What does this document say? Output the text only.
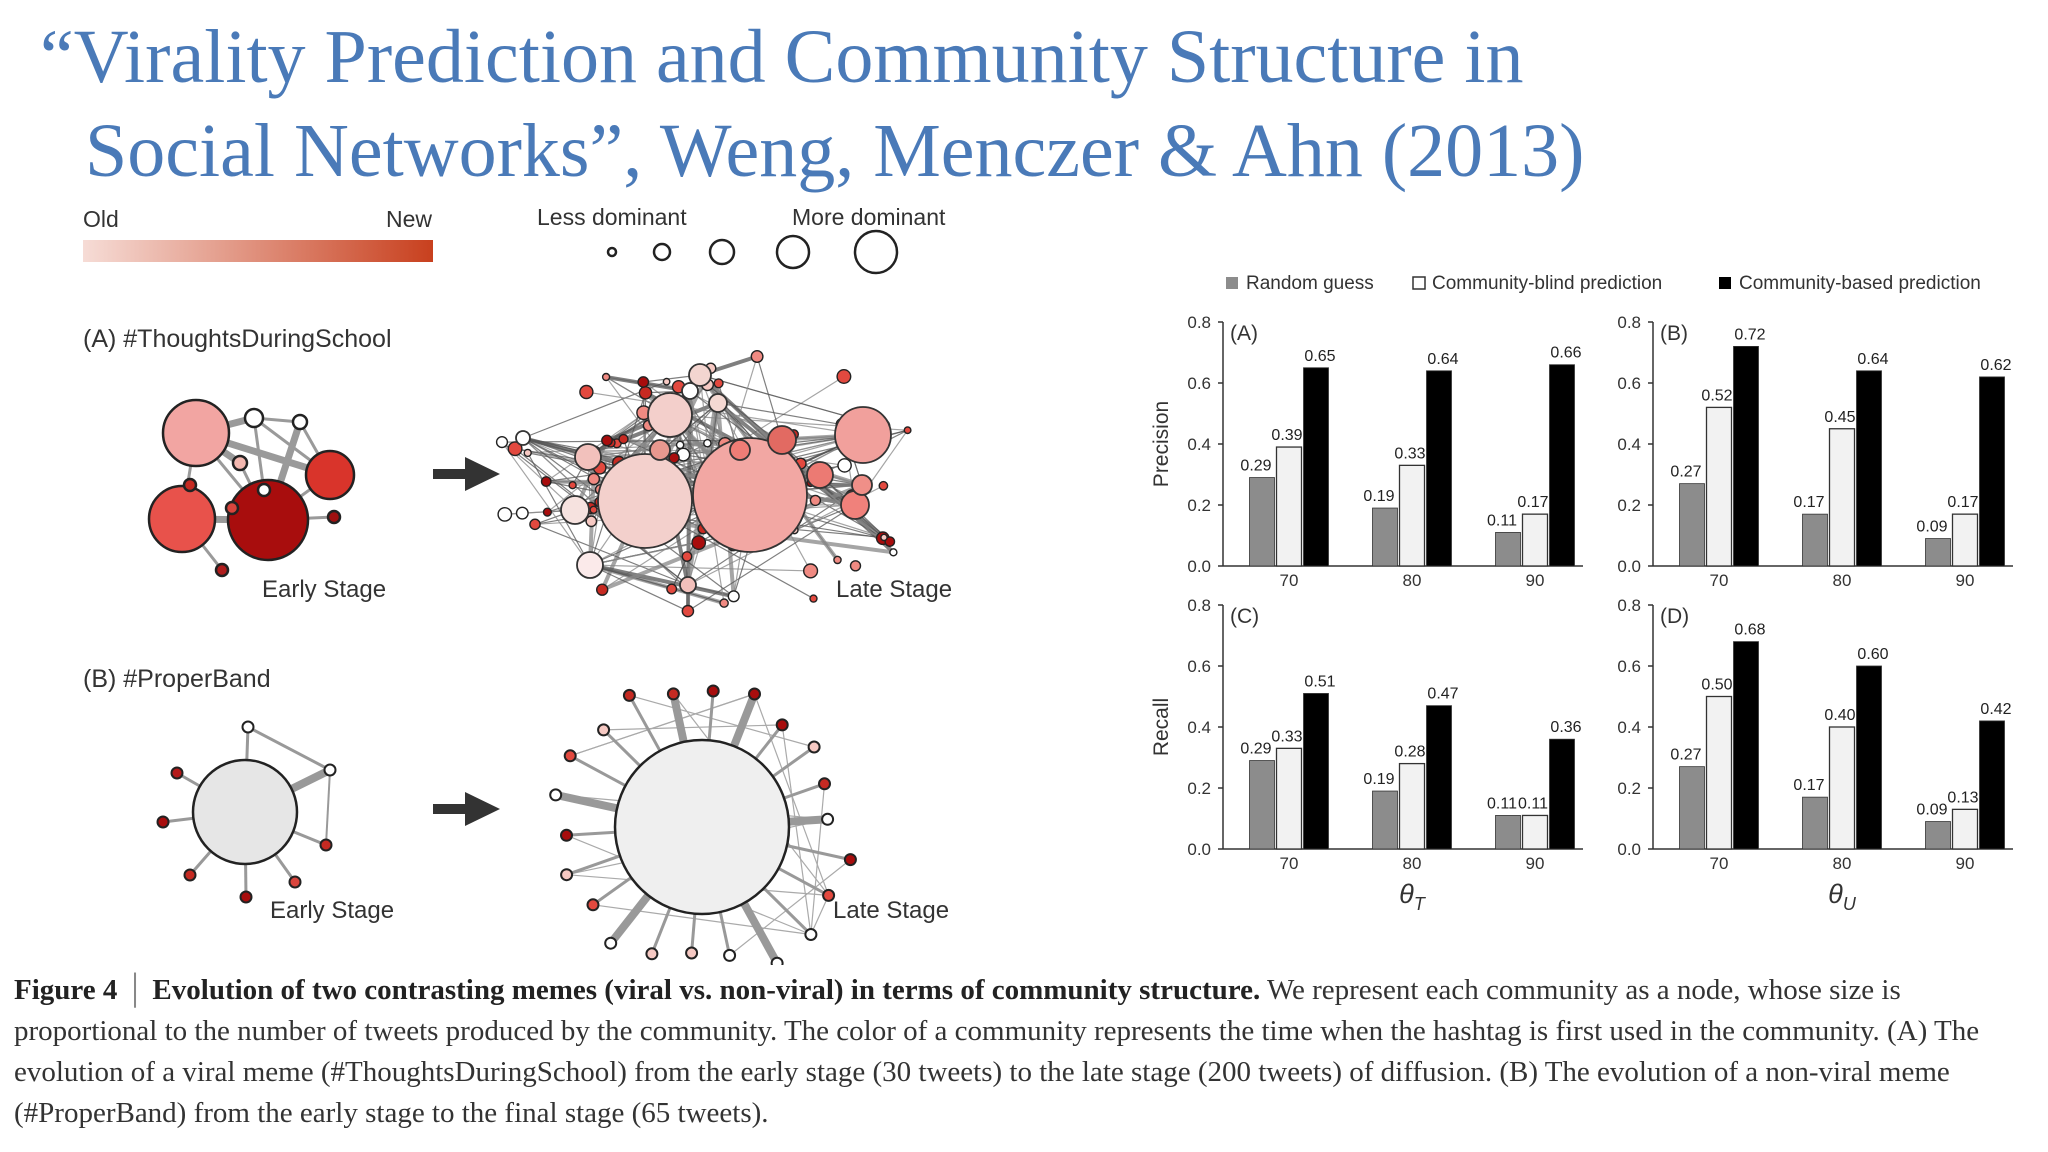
“Virality Prediction and Community Structure in
Social Networks”, Weng, Menczer & Ahn (2013)
Old	New	Less dominant	More dominant
(A) #ThoughtsDuringSchool
(B) #ProperBand
Early Stage	Late Stage
Early Stage	Late Stage
Random guess	Community-blind prediction	Community-based prediction
0.0
0.2
0.4
0.6
0.8 (A)
Precision	0.29
0.39
0.65
70
0.19
0.33
0.64
80
0.11
0.17
0.66
90
0.0
0.2
0.4
0.6
0.8 (B)
0.27
0.52
0.72
70
0.17
0.45
0.64
80
0.09
0.17
0.62
90
0.0
0.2
0.4
0.6
0.8 (C)
Recall	0.29
0.33
0.51
70
0.19
0.28
0.47
80
0.11 0.11
0.36
90
$\theta_T$
0.0
0.2
0.4
0.6
0.8 (D)
0.27
0.50
0.68
70
0.17
0.40
0.60
80
0.09
0.13
0.42
90
$\theta_U$

Figure 4 │ Evolution of two contrasting memes (viral vs. non-viral) in terms of community structure. We represent each community as a node, whose size is proportional to the number of tweets produced by the community. The color of a community represents the time when the hashtag is first used in the community. (A) The evolution of a viral meme (#ThoughtsDuringSchool) from the early stage (30 tweets) to the late stage (200 tweets) of diffusion. (B) The evolution of a non-viral meme (#ProperBand) from the early stage to the final stage (65 tweets).
